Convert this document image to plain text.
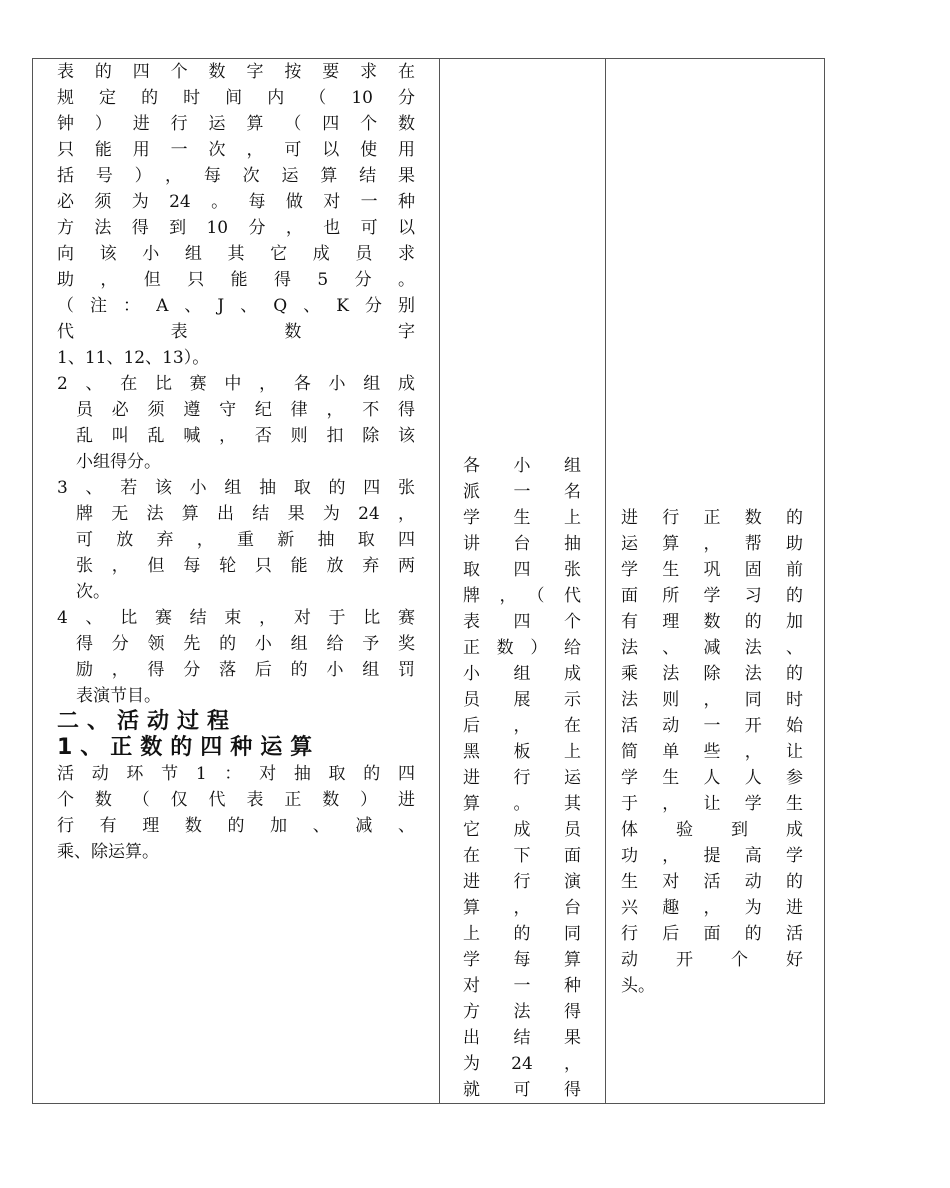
表的四个数字按要求在
规定的时间内（10分
钟）进行运算（四个数
只能用一次，可以使用
括号），每次运算结果
必须为24。每做对一种
方法得到10分，也可以
向该小组其它成员求
助，但只能得5分。
（注：A、J、Q、K分别
代表数字
1、11、12、13）。
2、在比赛中，各小组成
员必须遵守纪律，不得
乱叫乱喊，否则扣除该
小组得分。
3、若该小组抽取的四张
牌无法算出结果为24，
可放弃，重新抽取四
张，但每轮只能放弃两
次。
4、比赛结束，对于比赛
得分领先的小组给予奖
励，得分落后的小组罚
表演节目。
二、活动过程
1、正数的四种运算
活动环节1：对抽取的四
个数（仅代表正数）进
行有理数的加、减、
乘、除运算。
各小组
派一名
学生上
讲台抽
取四张
牌，（代
表四个
正数）给
小组成
员展示
后，在
黑板上
进行运
算。其
它成员
在下面
进行演
算，台
上的同
学每算
对一种
方法得
出结果
为24，
就可得
进行正数的
运算，帮助
学生巩固前
面所学习的
有理数的加
法、减法、
乘法除法的
法则，同时
活动一开始
简单些，让
学生人人参
于，让学生
体验到成
功，提高学
生对活动的
兴趣，为进
行后面的活
动开个好
头。
